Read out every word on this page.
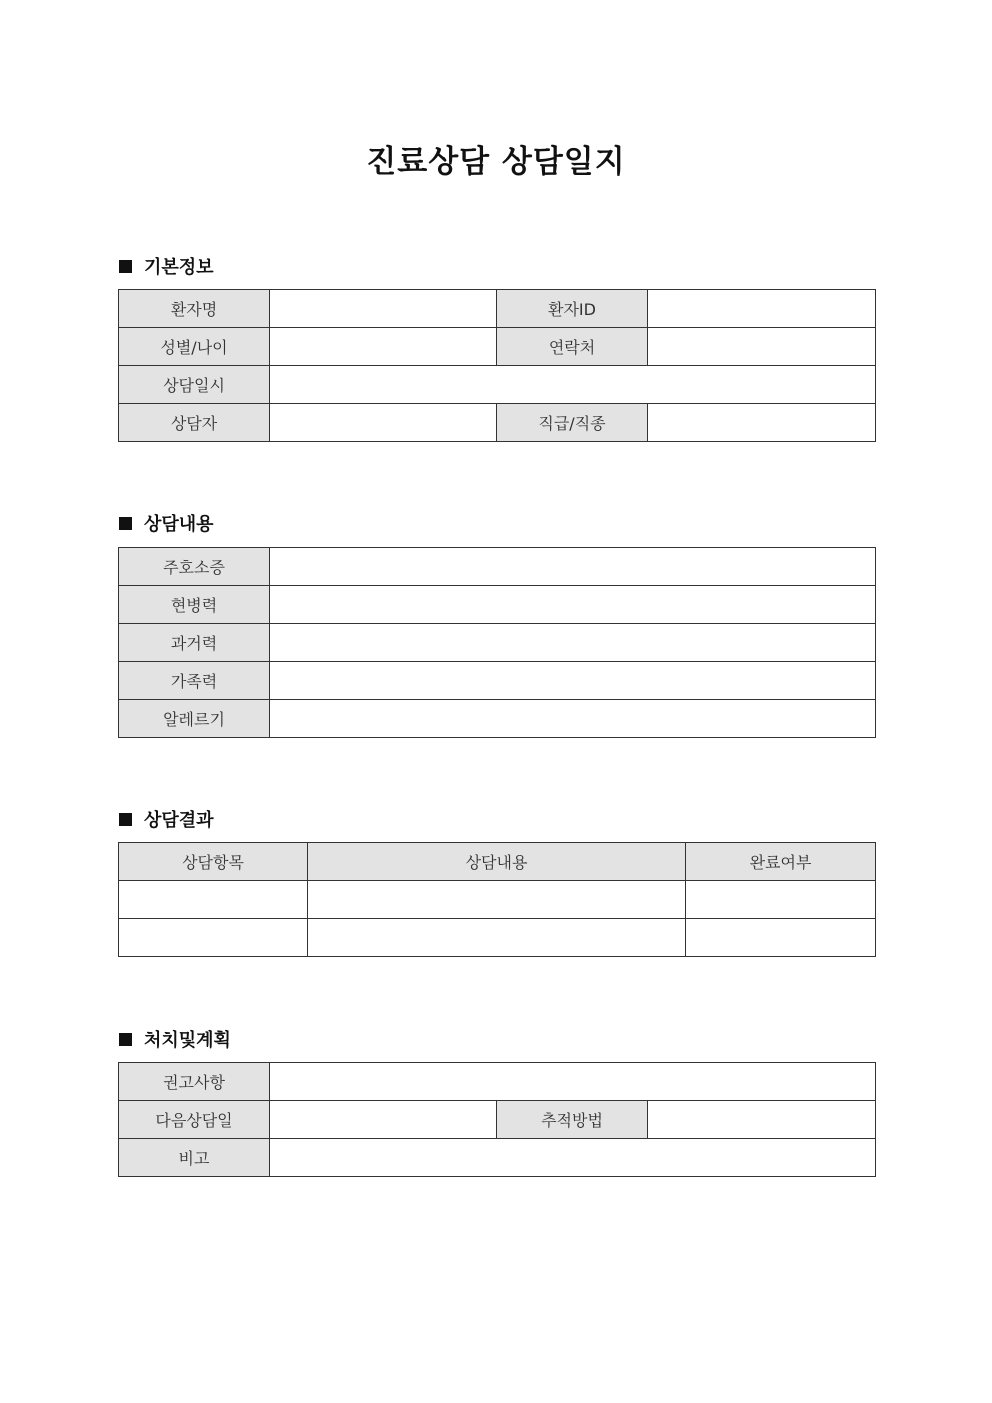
진료상담 상담일지
기본정보
환자명		환자ID	
성별/나이		연락처	
상담일시			
상담자		직급/직종	
상담내용
주호소증	
현병력	
과거력	
가족력	
알레르기	
상담결과
상담항목	상담내용	완료여부

처치및계획
권고사항			
다음상담일		추적방법	
비고			
